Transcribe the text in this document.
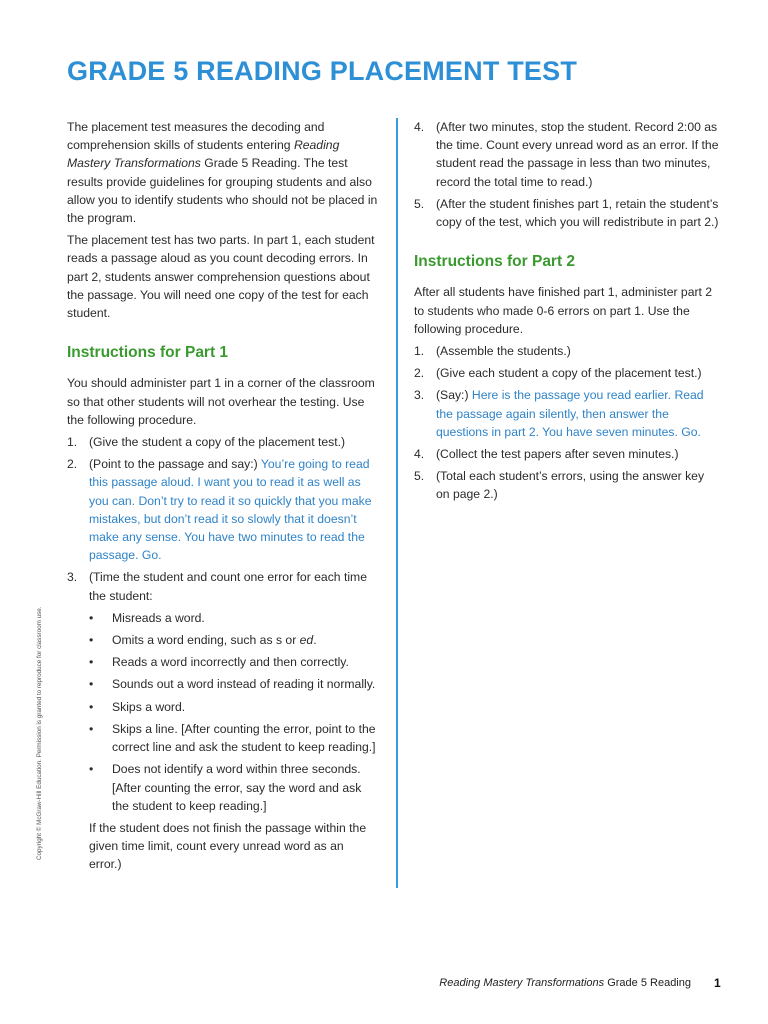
GRADE 5 READING PLACEMENT TEST

The placement test measures the decoding and comprehension skills of students entering Reading Mastery Transformations Grade 5 Reading. The test results provide guidelines for grouping students and also allow you to identify students who should not be placed in the program.

The placement test has two parts. In part 1, each student reads a passage aloud as you count decoding errors. In part 2, students answer comprehension questions about the passage. You will need one copy of the test for each student.

Instructions for Part 1

You should administer part 1 in a corner of the classroom so that other students will not overhear the testing. Use the following procedure.

1. (Give the student a copy of the placement test.)
2. (Point to the passage and say:) You’re going to read this passage aloud. I want you to read it as well as you can. Don’t try to read it so quickly that you make mistakes, but don’t read it so slowly that it doesn’t make any sense. You have two minutes to read the passage. Go.
3. (Time the student and count one error for each time the student:
• Misreads a word.
• Omits a word ending, such as s or ed.
• Reads a word incorrectly and then correctly.
• Sounds out a word instead of reading it normally.
• Skips a word.
• Skips a line. [After counting the error, point to the correct line and ask the student to keep reading.]
• Does not identify a word within three seconds. [After counting the error, say the word and ask the student to keep reading.]

If the student does not finish the passage within the given time limit, count every unread word as an error.)

4. (After two minutes, stop the student. Record 2:00 as the time. Count every unread word as an error. If the student read the passage in less than two minutes, record the total time to read.)
5. (After the student finishes part 1, retain the student’s copy of the test, which you will redistribute in part 2.)
Instructions for Part 2

After all students have finished part 1, administer part 2 to students who made 0-6 errors on part 1. Use the following procedure.

1. (Assemble the students.)
2. (Give each student a copy of the placement test.)
3. (Say:) Here is the passage you read earlier. Read the passage again silently, then answer the questions in part 2. You have seven minutes. Go.
4. (Collect the test papers after seven minutes.)
5. (Total each student’s errors, using the answer key on page 2.)
Copyright © McGraw-Hill Education. Permission is granted to reproduce for classroom use.
Reading Mastery Transformations Grade 5 Reading 1
